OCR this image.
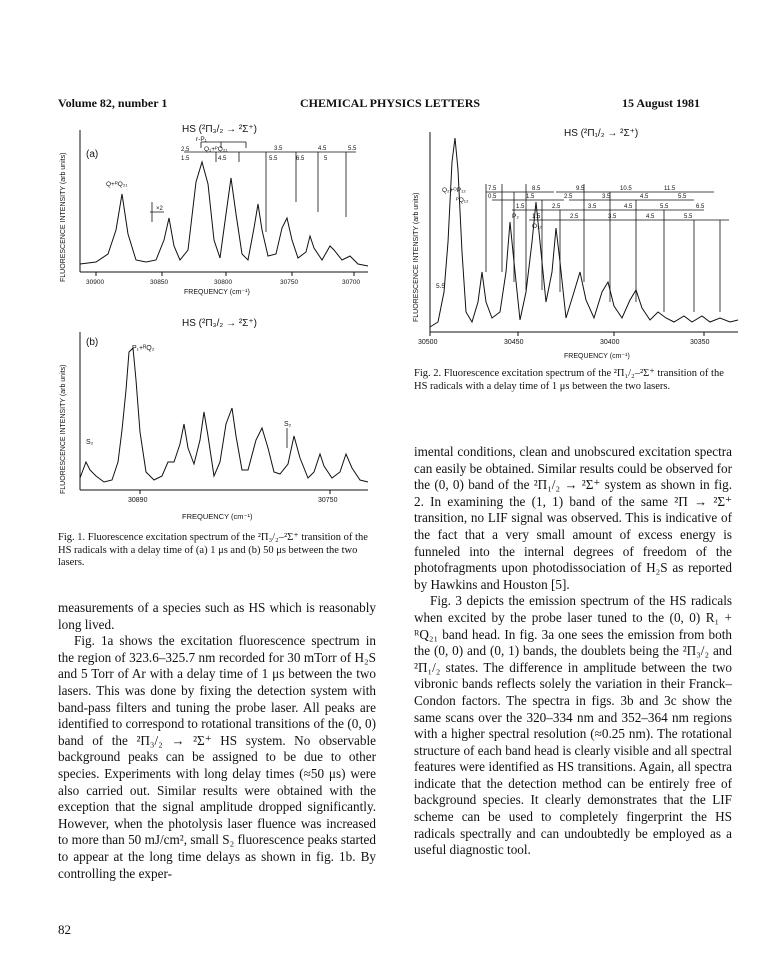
Volume 82, number 1	CHEMICAL PHYSICS LETTERS	15 August 1981
HS (²Π₃/₂ → ²Σ⁺)
(a)
FLUORESCENCE INTENSITY (arb units)
r-P₁
Q₁+ᴾQ₂₁
2.5
1.5	4.5
3.5	4.5	5.5
5.5	6.5	5
Q+ᴿQ₂₁
×2
30900	30850	30800	30750	30700
FREQUENCY (cm⁻¹)
HS (²Π₃/₂ → ²Σ⁺)
(b)
FLUORESCENCE INTENSITY (arb units)
P₁+ᴿQ₂
S₂
S₂
30890	30750
FREQUENCY (cm⁻¹)
Fig. 1. Fluorescence excitation spectrum of the ²Π₃/₂–²Σ⁺ transition of the HS radicals with a delay time of (a) 1 μs and (b) 50 μs between the two lasers.
HS (²Π₁/₂ → ²Σ⁺)
FLUORESCENCE INTENSITY (arb units)
7.5	8.5	9.5	10.5	11.5
0.5	1.5	2.5	3.5	4.5	5.5
1.5	2.5	3.5	4.5	5.5	6.5
1.5	2.5	3.5	4.5	5.5
Q₂+ᴼP₁₂
ᴾQ₁₂
P₂
O₁₂
5.5
30500	30450	30400	30350
FREQUENCY (cm⁻¹)
Fig. 2. Fluorescence excitation spectrum of the ²Π₁/₂–²Σ⁺ transition of the HS radicals with a delay time of 1 μs between the two lasers.

measurements of a species such as HS which is reasonably long lived.

Fig. 1a shows the excitation fluorescence spectrum in the region of 323.6–325.7 nm recorded for 30 mTorr of H₂S and 5 Torr of Ar with a delay time of 1 μs between the two lasers. This was done by fixing the detection system with band-pass filters and tuning the probe laser. All peaks are identified to correspond to rotational transitions of the (0, 0) band of the ²Π₃/₂ → ²Σ⁺ HS system. No observable background peaks can be assigned to be due to other species. Experiments with long delay times (≈50 μs) were also carried out. Similar results were obtained with the exception that the signal amplitude dropped significantly. However, when the photolysis laser fluence was increased to more than 50 mJ/cm², small S₂ fluorescence peaks started to appear at the long time delays as shown in fig. 1b. By controlling the exper-

imental conditions, clean and unobscured excitation spectra can easily be obtained. Similar results could be observed for the (0, 0) band of the ²Π₁/₂ → ²Σ⁺ system as shown in fig. 2. In examining the (1, 1) band of the same ²Π → ²Σ⁺ transition, no LIF signal was observed. This is indicative of the fact that a very small amount of excess energy is funneled into the internal degrees of freedom of the photofragments upon photodissociation of H₂S as reported by Hawkins and Houston [5].

Fig. 3 depicts the emission spectrum of the HS radicals when excited by the probe laser tuned to the (0, 0) R₁ + ᴿQ₂₁ band head. In fig. 3a one sees the emission from both the (0, 0) and (0, 1) bands, the doublets being the ²Π₃/₂ and ²Π₁/₂ states. The difference in amplitude between the two vibronic bands reflects solely the variation in their Franck–Condon factors. The spectra in figs. 3b and 3c show the same scans over the 320–334 nm and 352–364 nm regions with a higher spectral resolution (≈0.25 nm). The rotational structure of each band head is clearly visible and all spectral features were identified as HS transitions. Again, all spectra indicate that the detection method can be entirely free of background species. It clearly demonstrates that the LIF scheme can be used to completely fingerprint the HS radicals spectrally and can undoubtedly be employed as a useful diagnostic tool.

82
